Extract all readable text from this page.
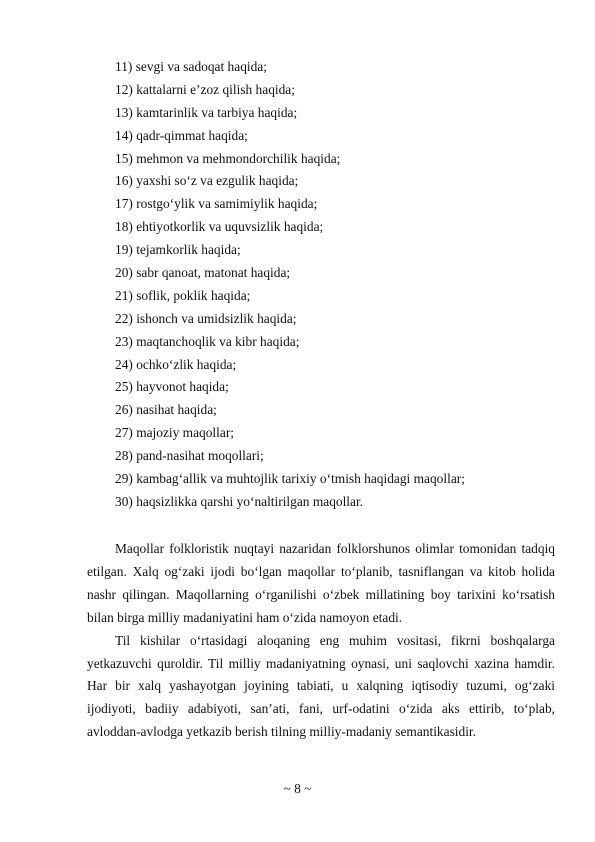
11) sevgi va sadoqat haqida;
12) kattalarni e’zoz qilish haqida;
13) kamtarinlik va tarbiya haqida;
14) qadr-qimmat haqida;
15) mehmon va mehmondorchilik haqida;
16) yaxshi so‘z va ezgulik haqida;
17) rostgo‘ylik va samimiylik haqida;
18) ehtiyotkorlik va uquvsizlik haqida;
19) tejamkorlik haqida;
20) sabr qanoat, matonat haqida;
21) soflik, poklik haqida;
22) ishonch va umidsizlik haqida;
23) maqtanchoqlik va kibr haqida;
24) ochko‘zlik haqida;
25) hayvonot haqida;
26) nasihat haqida;
27) majoziy maqollar;
28) pand-nasihat moqollari;
29) kambag‘allik va muhtojlik tarixiy o‘tmish haqidagi maqollar;
30) haqsizlikka qarshi yo‘naltirilgan maqollar.

Maqollar folkloristik nuqtayi nazaridan folklorshunos olimlar tomonidan tadqiq etilgan. Xalq og‘zaki ijodi bo‘lgan maqollar to‘planib, tasniflangan va kitob holida nashr qilingan. Maqollarning o‘rganilishi o‘zbek millatining boy tarixini ko‘rsatish bilan birga milliy madaniyatini ham o‘zida namoyon etadi.

Til kishilar o‘rtasidagi aloqaning eng muhim vositasi, fikrni boshqalarga yetkazuvchi quroldir. Til milliy madaniyatning oynasi, uni saqlovchi xazina hamdir. Har bir xalq yashayotgan joyining tabiati, u xalqning iqtisodiy tuzumi, og‘zaki ijodiyoti, badiiy adabiyoti, san’ati, fani, urf-odatini o‘zida aks ettirib, to‘plab, avloddan-avlodga yetkazib berish tilning milliy-madaniy semantikasidir.

~ 8 ~
